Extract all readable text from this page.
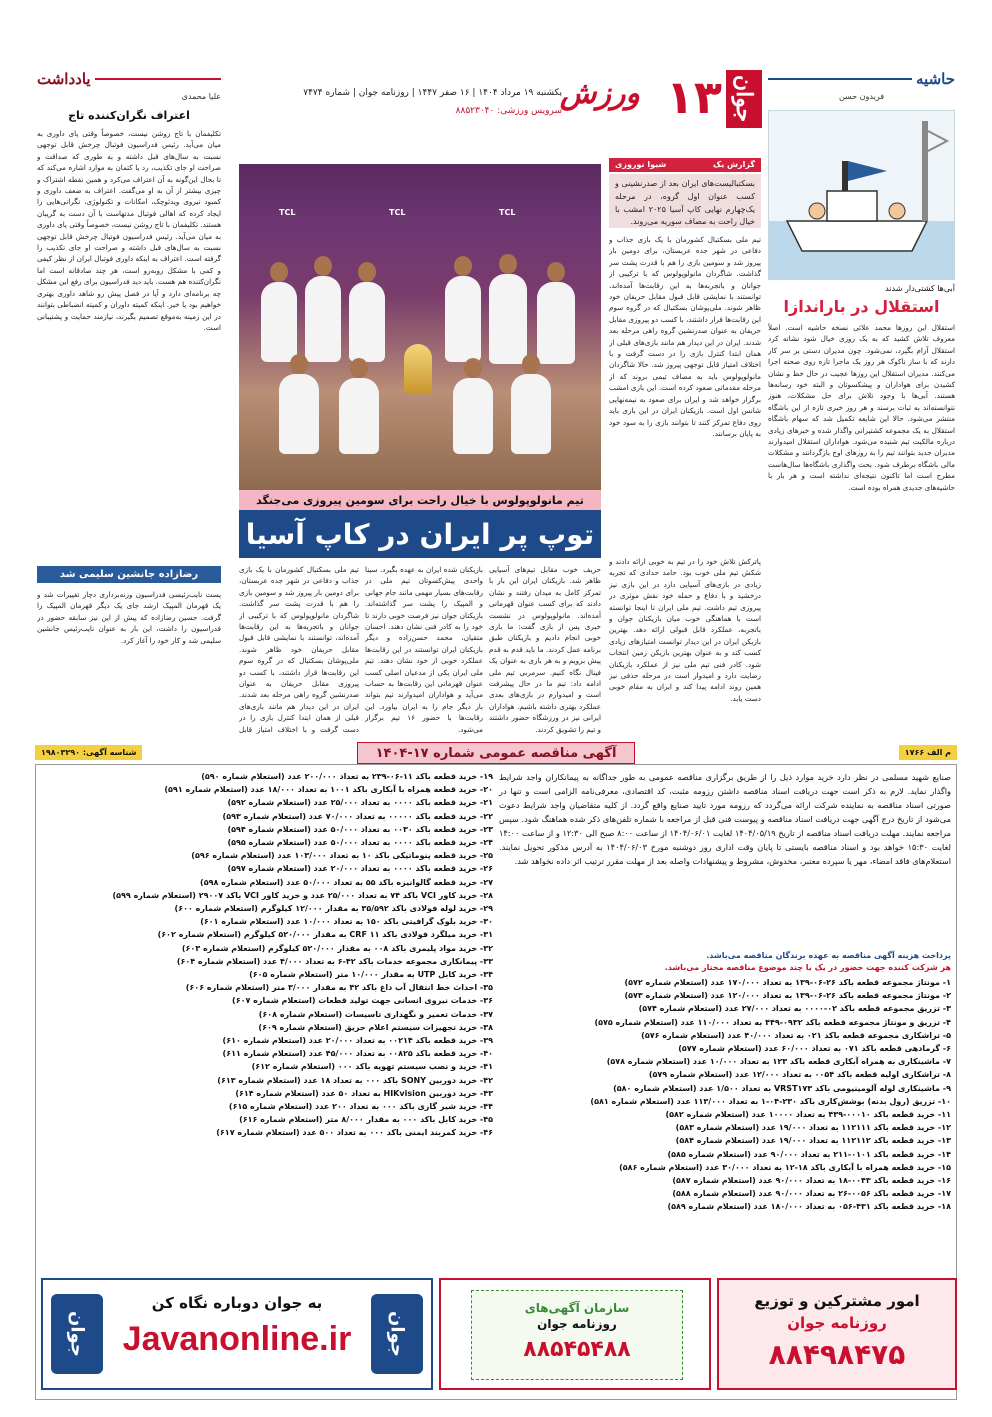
جوان
۱۳
ورزش
یکشنبه ۱۹ مرداد ۱۴۰۴ | ۱۶ صفر ۱۴۴۷ | روزنامه جوان | شماره ۷۴۷۴
سرویس ورزشی: ۸۸۵۲۳۰۴۰
یادداشت
علیا محمدی
اعتراف نگران‌کننده تاج
تکلیفمان با تاج روشن نیست، خصوصاً وقتی پای داوری به میان می‌آید. رئیس فدراسیون فوتبال چرخش قابل توجهی نسبت به سال‌های قبل داشته و به طوری که صداقت و صراحت او جای تکذیب، رد یا کتمان به موارد اشاره می‌کند که تا بحال این‌گونه به آن اعتراف می‌کرد و همین نقطه اشتراک و چیزی بیشتر از آن به او می‌گفت. اعتراف به ضعف داوری و کمبود نیروی ویدئوچک، امکانات و تکنولوژی، نگرانی‌هایی را ایجاد کرده که اهالی فوتبال مدتهاست با آن دست به گریبان هستند. تکلیفمان با تاج روشن نیست، خصوصاً وقتی پای داوری به میان می‌آید. رئیس فدراسیون فوتبال چرخش قابل توجهی نسبت به سال‌های قبل داشته و صراحت او جای تکذیب را گرفته است. اعتراف به اینکه داوری فوتبال ایران از نظر کیفی و کمی با مشکل روبه‌رو است، هر چند صادقانه است اما نگران‌کننده هم هست. باید دید فدراسیون برای رفع این مشکل چه برنامه‌ای دارد و آیا در فصل پیش رو شاهد داوری بهتری خواهیم بود یا خیر. اینکه کمیته داوران و کمیته انضباطی بتوانند در این زمینه به‌موقع تصمیم بگیرند، نیازمند حمایت و پشتیبانی است.
رضازاده جانشین سلیمی شد
پست نایب‌رئیسی فدراسیون وزنه‌برداری دچار تغییرات شد و یک قهرمان المپیک ارشد جای یک دیگر قهرمان المپیک را گرفت. حسین رضازاده که پیش از این نیز سابقه حضور در فدراسیون را داشت، این بار به عنوان نایب‌رئیس جانشین سلیمی شد و کار خود را آغاز کرد.
گزارش یک
شیوا نوروزی
بسکتبالیست‌های ایران بعد از صدرنشینی و کسب عنوان اول گروه، در مرحله یک‌چهارم نهایی کاپ آسیا ۲۰۲۵ امشب با خیال راحت به مصاف سوریه می‌روند.
تیم ملی بسکتبال کشورمان با یک بازی جذاب و دفاعی در شهر جده عربستان، برای دومین بار پیروز شد و سومین بازی را هم با قدرت پشت سر گذاشت. شاگردان مانولوپولوس که با ترکیبی از جوانان و باتجربه‌ها به این رقابت‌ها آمده‌اند، توانستند با نمایشی قابل قبول مقابل حریفان خود ظاهر شوند. ملی‌پوشان بسکتبال که در گروه سوم این رقابت‌ها قرار داشتند، با کسب دو پیروزی مقابل حریفان به عنوان صدرنشین گروه راهی مرحله بعد شدند. ایران در این دیدار هم مانند بازی‌های قبلی از همان ابتدا کنترل بازی را در دست گرفت و با اختلاف امتیاز قابل توجهی پیروز شد. حالا شاگردان مانولوپولوس باید به مصاف تیمی بروند که از مرحله مقدماتی صعود کرده است. این بازی امشب برگزار خواهد شد و ایران برای صعود به نیمه‌نهایی شانس اول است. بازیکنان ایران در این بازی باید روی دفاع تمرکز کنند تا بتوانند بازی را به سود خود به پایان برسانند.
TCL	TCL	TCL
تیم مانولوپولوس با خیال راحت برای سومین پیروزی می‌جنگد
توپ پر ایران در کاپ آسیا
پاترکش تلاش خود را در تیم به خوبی ارائه دادند و شکش تیم ملی خوب بود. حامد حدادی که تجربه زیادی در بازی‌های آسیایی دارد در این بازی نیز درخشید و با دفاع و حمله خود نقش موثری در پیروزی تیم داشت. تیم ملی ایران تا اینجا توانسته است با هماهنگی خوب میان بازیکنان جوان و باتجربه، عملکرد قابل قبولی ارائه دهد. بهترین بازیکن ایران در این دیدار توانست امتیازهای زیادی کسب کند و به عنوان بهترین بازیکن زمین انتخاب شود. کادر فنی تیم ملی نیز از عملکرد بازیکنان رضایت دارد و امیدوار است در مرحله حذفی نیز همین روند ادامه پیدا کند و ایران به مقام خوبی دست یابد.
حریف خوب مقابل تیم‌های آسیایی ظاهر شد. بازیکنان ایران این بار با تمرکز کامل به میدان رفتند و نشان دادند که برای کسب عنوان قهرمانی آمده‌اند. مانولوپولوس در نشست خبری پس از بازی گفت: ما بازی خوبی انجام دادیم و بازیکنان طبق برنامه عمل کردند. ما باید قدم به قدم پیش برویم و به هر بازی به عنوان یک فینال نگاه کنیم. سرمربی تیم ملی ادامه داد: تیم ما در حال پیشرفت است و امیدوارم در بازی‌های بعدی عملکرد بهتری داشته باشیم. هواداران ایرانی نیز در ورزشگاه حضور داشتند و تیم را تشویق کردند.
بازیکنان شده ایران به عهده بگیرد. سینا واحدی پیش‌کسوتان تیم ملی در رقابت‌های بسیار مهمی مانند جام جهانی و المپیک را پشت سر گذاشته‌اند. بازیکنان جوان نیز فرصت خوبی دارند تا خود را به کادر فنی نشان دهند. احسان متقیان، محمد حسن‌زاده و دیگر بازیکنان ایران توانستند در این رقابت‌ها عملکرد خوبی از خود نشان دهند. تیم ملی ایران یکی از مدعیان اصلی کسب عنوان قهرمانی این رقابت‌ها به حساب می‌آید و هواداران امیدوارند تیم بتواند بار دیگر جام را به ایران بیاورد. این رقابت‌ها با حضور ۱۶ تیم برگزار می‌شود.
تیم ملی بسکتبال کشورمان با یک بازی جذاب و دفاعی در شهر جده عربستان، برای دومین بار پیروز شد و سومین بازی را هم با قدرت پشت سر گذاشت. شاگردان مانولوپولوس که با ترکیبی از جوانان و باتجربه‌ها به این رقابت‌ها آمده‌اند، توانستند با نمایشی قابل قبول مقابل حریفان خود ظاهر شوند. ملی‌پوشان بسکتبال که در گروه سوم این رقابت‌ها قرار داشتند، با کسب دو پیروزی مقابل حریفان به عنوان صدرنشین گروه راهی مرحله بعد شدند. ایران در این دیدار هم مانند بازی‌های قبلی از همان ابتدا کنترل بازی را در دست گرفت و با اختلاف امتیاز قابل
حاشیه
فریدون حسن
آبی‌ها کشتی‌دار شدند
استقلال در باراندازا
استقلال این روزها محمد علائی نسخه حاشیه است. اصلاً معروف تلاش کشید که به یک روزی خیال شود نشانه کرد استقلال آرام بگیرد، نمی‌شود. چون مدیران دستی بر سر کار دارند که با ساز ناکوک هر روز یک ماجرا تازه روی صحنه اجرا می‌کنند. مدیران استقلال این روزها عجیب در حال خط و نشان کشیدن برای هواداران و پیشکسوتان و البته خود رسانه‌ها هستند. آبی‌ها با وجود تلاش برای حل مشکلات، هنوز نتوانسته‌اند به ثبات برسند و هر روز خبری تازه از این باشگاه منتشر می‌شود. حالا این شایعه تکمیل شد که سهام باشگاه استقلال به یک مجموعه کشتیرانی واگذار شده و خبرهای زیادی درباره مالکیت تیم شنیده می‌شود. هواداران استقلال امیدوارند مدیران جدید بتوانند تیم را به روزهای اوج بازگردانند و مشکلات مالی باشگاه برطرف شود. بحث واگذاری باشگاه‌ها سال‌هاست مطرح است اما تاکنون نتیجه‌ای نداشته است و هر بار با حاشیه‌های جدیدی همراه بوده است.
م الف ۱۷۶۶
شناسه آگهی: ۱۹۸۰۳۲۹۰	آگهی مناقصه عمومی شماره ۱۷-۱۴۰۴
صنایع شهید مسلمی در نظر دارد خرید موارد ذیل را از طریق برگزاری مناقصه عمومی به طور جداگانه به پیمانکاران واجد شرایط واگذار نماید. لازم به ذکر است جهت دریافت اسناد مناقصه داشتن رزومه مثبت، کد اقتصادی، معرفی‌نامه الزامی است و تنها در صورتی اسناد مناقصه به نماینده شرکت ارائه می‌گردد که رزومه مورد تایید صنایع واقع گردد. از کلیه متقاضیان واجد شرایط دعوت می‌شود از تاریخ درج آگهی جهت دریافت اسناد مناقصه و پیوست فنی قبل از مراجعه با شماره تلفن‌های ذکر شده هماهنگ شود. سپس مراجعه نمایند. مهلت دریافت اسناد مناقصه از تاریخ ۱۴۰۴/۰۵/۱۹ لغایت ۱۴۰۴/۰۶/۰۱ از ساعت ۸:۰۰ صبح الی ۱۲:۳۰ و از ساعت ۱۴:۰۰ لغایت ۱۵:۳۰ خواهد بود و اسناد مناقصه بایستی تا پایان وقت اداری روز دوشنبه مورخ ۱۴۰۴/۰۶/۰۳ به آدرس مذکور تحویل نمایند. استعلام‌های فاقد امضاء، مهر یا سپرده معتبر، مخدوش، مشروط و پیشنهادات واصله بعد از مهلت مقرر ترتیب اثر داده نخواهد شد.
پرداخت هزینه آگهی مناقصه به عهده برندگان مناقصه می‌باشد.
هر شرکت کننده جهت حضور در یک یا چند موضوع مناقصه مختار می‌باشد.
۱- مونتاژ مجموعه قطعه باکد ۲۶-۰۶-۱۳۹ به تعداد ۱۷۰/۰۰۰ عدد (استعلام شماره ۵۷۲)
۲- مونتاژ مجموعه قطعه باکد ۲۶-۰۶-۱۳۹ به تعداد ۱۲۰/۰۰۰ عدد (استعلام شماره ۵۷۳)
۳- تزریق مجموعه قطعه باکد ۰۲-۰۰۰۰ به تعداد ۲۷/۰۰۰ عدد (استعلام شماره ۵۷۴)
۴- تزریق و مونتاژ مجموعه قطعه باکد ۰۹۳۲-۴۴۹ به تعداد ۱۱۰/۰۰۰ عدد (استعلام شماره ۵۷۵)
۵- تراشکاری مجموعه قطعه باکد ۰۲۱ به تعداد ۴۰/۰۰۰ عدد (استعلام شماره ۵۷۶)
۶- گرمادهی قطعه باکد ۰۷۱ به تعداد ۶۰/۰۰۰ عدد (استعلام شماره ۵۷۷)
۷- ماشینکاری به همراه آبکاری قطعه باکد ۱۲۳ به تعداد ۱۰/۰۰۰ عدد (استعلام شماره ۵۷۸)
۸- تراشکاری اولیه قطعه باکد ۰۰۵۴ به تعداد ۱۲/۰۰۰ عدد (استعلام شماره ۵۷۹)
۹- ماشینکاری لوله آلومینیومی باکد VRST۱۷۳ به تعداد ۱/۵۰۰ عدد (استعلام شماره ۵۸۰)
۱۰- تزریق (رول بدنه) بوشش‌کاری باکد ۲۳۰-۰۴-۱ به تعداد ۱۱۳/۰۰۰ عدد (استعلام شماره ۵۸۱)
۱۱- خرید قطعه باکد ۰۰۰۱۰-۴۳۹ به تعداد ۱۰۰۰۰ عدد (استعلام شماره ۵۸۲)
۱۲- خرید قطعه باکد ۱۱۲۱۱۱ به تعداد ۱۹/۰۰۰ عدد (استعلام شماره ۵۸۳)
۱۳- خرید قطعه باکد ۱۱۲۱۱۲ به تعداد ۱۹/۰۰۰ عدد (استعلام شماره ۵۸۴)
۱۴- خرید قطعه باکد ۰۱۰۱-۲۱۱ به تعداد ۹۰/۰۰۰ عدد (استعلام شماره ۵۸۵)
۱۵- خرید قطعه همراه با آبکاری باکد ۱۸-۱۲ به تعداد ۳۰/۰۰۰ عدد (استعلام شماره ۵۸۶)
۱۶- خرید قطعه باکد ۰۰۴۳-۱۸ به تعداد ۹۰/۰۰۰ عدد (استعلام شماره ۵۸۷)
۱۷- خرید قطعه باکد ۰۰۵۶-۲۶ به تعداد ۹۰/۰۰۰ عدد (استعلام شماره ۵۸۸)
۱۸- خرید قطعه باکد ۴۳۱-۰۵۶ به تعداد ۱۸۰/۰۰۰ عدد (استعلام شماره ۵۸۹)
۱۹- خرید قطعه باکد ۱۱-۰۶-۲۳۹ به تعداد ۲۰۰/۰۰۰ عدد (استعلام شماره ۵۹۰)
۲۰- خرید قطعه همراه با آبکاری باکد ۱۰۰۱ به تعداد ۱۸/۰۰۰ عدد (استعلام شماره ۵۹۱)
۲۱- خرید قطعه باکد ۰۰۰۰ به تعداد ۲۵/۰۰۰ عدد (استعلام شماره ۵۹۲)
۲۲- خرید قطعه باکد ۰۰۰۰۰ به تعداد ۷۰/۰۰۰ عدد (استعلام شماره ۵۹۳)
۲۳- خرید قطعه باکد ۰۰۳۰ به تعداد ۵۰/۰۰۰ عدد (استعلام شماره ۵۹۴)
۲۴- خرید قطعه باکد ۰۰۰۰ به تعداد ۵۰/۰۰۰ عدد (استعلام شماره ۵۹۵)
۲۵- خرید قطعه پنوماتیکی باکد ۱۰ به تعداد ۱۰۳/۰۰۰ عدد (استعلام شماره ۵۹۶)
۲۶- خرید قطعه باکد ۰۰۰۰ به تعداد ۲۰/۰۰۰ عدد (استعلام شماره ۵۹۷)
۲۷- خرید قطعه گالوانیزه باکد ۵۵ به تعداد ۵۰/۰۰۰ عدد (استعلام شماره ۵۹۸)
۲۸- خرید کاور VCI باکد ۷۴ به تعداد ۲۵/۰۰۰ عدد و خرید کاور VCI باکد ۲۹۰۰۷ (استعلام شماره ۵۹۹)
۲۹- خرید لوله فولادی باکد ۳۵/۵۹۲ به مقدار ۱۲/۰۰۰ کیلوگرم (استعلام شماره ۶۰۰)
۳۰- خرید بلوک گرافیتی باکد ۱۵۰ به تعداد ۱۰/۰۰۰ عدد (استعلام شماره ۶۰۱)
۳۱- خرید میلگرد فولادی باکد CRF ۱۱ به مقدار ۵۲۰/۰۰۰ کیلوگرم (استعلام شماره ۶۰۲)
۳۲- خرید مواد پلیمری باکد ۰۰۸ به مقدار ۵۲۰/۰۰۰ کیلوگرم (استعلام شماره ۶۰۳)
۳۳- پیمانکاری مجموعه خدمات باکد ۴۲-۶ به تعداد ۴/۰۰۰ عدد (استعلام شماره ۶۰۴)
۳۴- خرید کابل UTP به مقدار ۱۰/۰۰۰ متر (استعلام شماره ۶۰۵)
۳۵- احداث خط انتقال آب داغ باکد ۴۲ به مقدار ۳/۰۰۰ متر (استعلام شماره ۶۰۶)
۳۶- خدمات نیروی انسانی جهت تولید قطعات (استعلام شماره ۶۰۷)
۳۷- خدمات تعمیر و نگهداری تاسیسات (استعلام شماره ۶۰۸)
۳۸- خرید تجهیزات سیستم اعلام حریق (استعلام شماره ۶۰۹)
۳۹- خرید قطعه باکد ۰۰۲۱۴ به تعداد ۲۰/۰۰۰ عدد (استعلام شماره ۶۱۰)
۴۰- خرید قطعه باکد ۰۰۸۲۵ به تعداد ۴۵/۰۰۰ عدد (استعلام شماره ۶۱۱)
۴۱- خرید و نصب سیستم تهویه باکد ۰۰۰ (استعلام شماره ۶۱۲)
۴۲- خرید دوربین SONY باکد ۰۰۰ به تعداد ۱۸ عدد (استعلام شماره ۶۱۳)
۴۳- خرید دوربین HIKvision به تعداد ۵۰ عدد (استعلام شماره ۶۱۴)
۴۴- خرید شیر گازی باکد ۰۰۰ به تعداد ۲۰۰ عدد (استعلام شماره ۶۱۵)
۴۵- خرید کابل باکد ۰۰۰ به مقدار ۸/۰۰۰ متر (استعلام شماره ۶۱۶)
۴۶- خرید کمربند ایمنی باکد ۰۰۰ به تعداد ۵۰۰ عدد (استعلام شماره ۶۱۷)
امور مشترکین و توزیع
روزنامه جوان
۸۸۴۹۸۴۷۵
سازمان آگهی‌های
روزنامه جوان
۸۸۵۴۵۴۸۸
جوان
جوان
به جوان دوباره نگاه کن
Javanonline.ir
